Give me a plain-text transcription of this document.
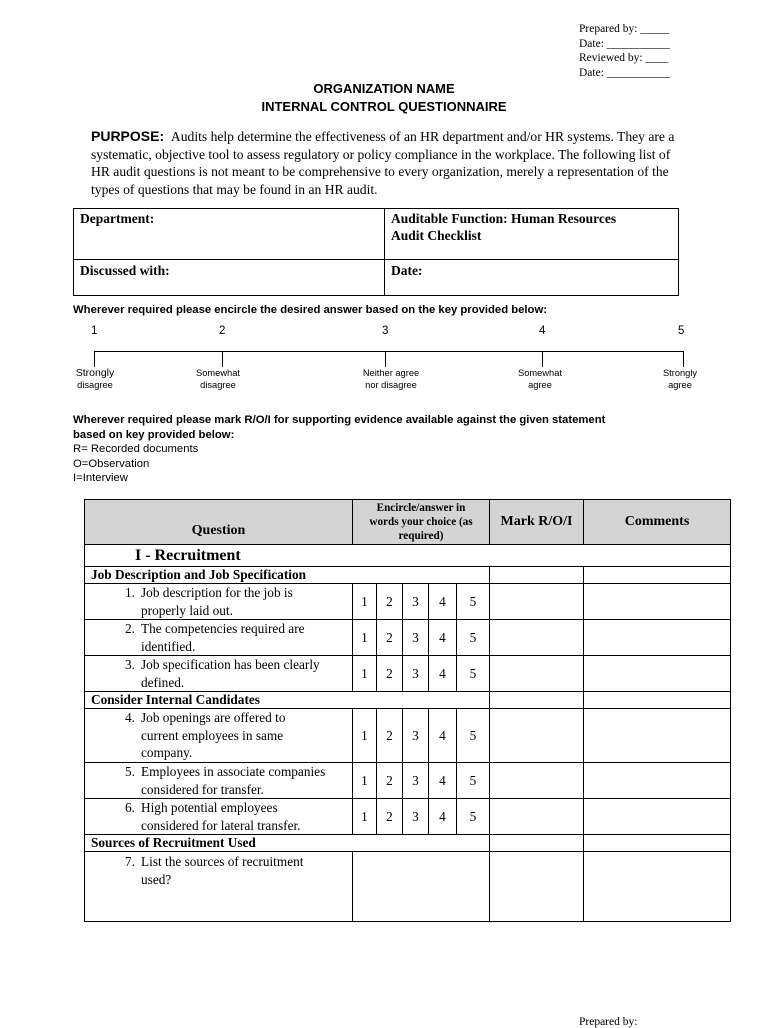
Prepared by: _____
Date: ___________
Reviewed by: ____
Date: ___________
ORGANIZATION NAME
INTERNAL CONTROL QUESTIONNAIRE
PURPOSE: Audits help determine the effectiveness of an HR department and/or HR systems. They are a systematic, objective tool to assess regulatory or policy compliance in the workplace. The following list of HR audit questions is not meant to be comprehensive to every organization, merely a representation of the types of questions that may be found in an HR audit.
Department:	Auditable Function: Human Resources
Audit Checklist
Discussed with:	Date:
Wherever required please encircle the desired answer based on the key provided below:
1	2	3	4	5
Strongly
disagree
Somewhat
disagree
Neither agree
nor disagree
Somewhat
agree
Strongly
agree
Wherever required please mark R/O/I for supporting evidence available against the given statement
based on key provided below:
R= Recorded documents
O=Observation
I=Interview
Question	Encircle/answer in
words your choice (as
required)					Mark R/O/I	Comments
I - Recruitment							
Job Description and Job Specification							

1. Job description for the job is
properly laid out.	1	2	3	4	5		

2. The competencies required are
identified.	1	2	3	4	5		

3. Job specification has been clearly
defined.	1	2	3	4	5		
Consider Internal Candidates							

4. Job openings are offered to
current employees in same
company.	1	2	3	4	5		

5. Employees in associate companies
considered for transfer.	1	2	3	4	5		

6. High potential employees
considered for lateral transfer.	1	2	3	4	5		
Sources of Recruitment Used							

7. List the sources of recruitment
used?							

Prepared by:
